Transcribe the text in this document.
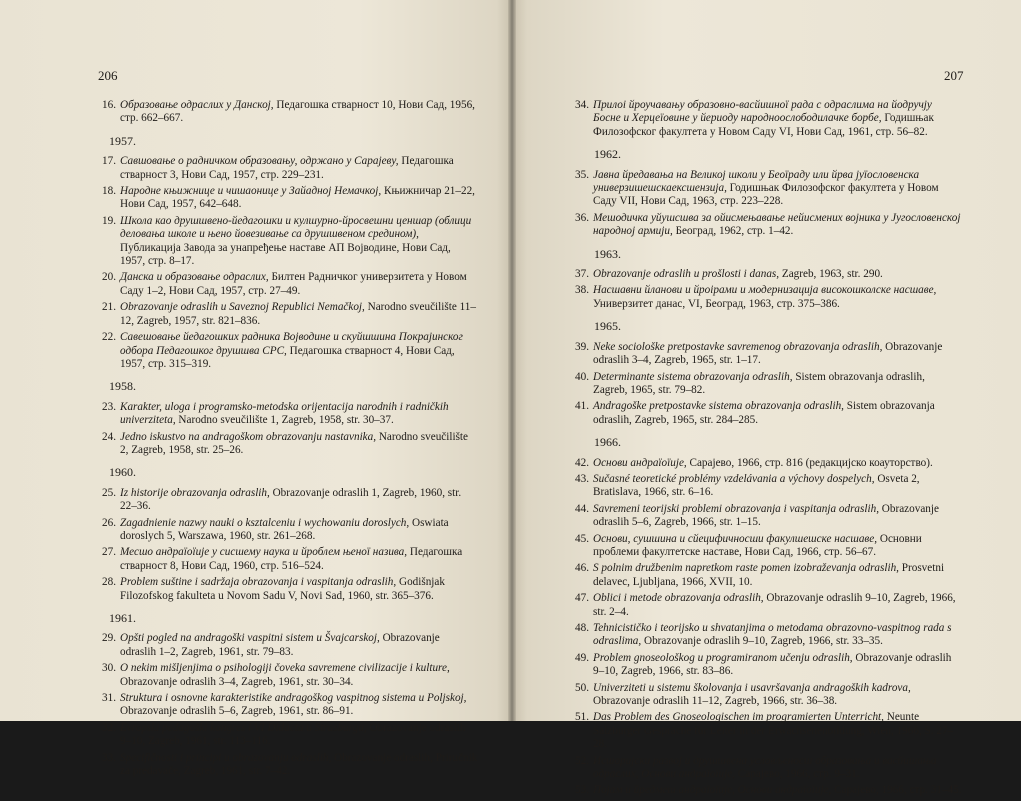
206
16. Образовање одраслих у Данској, Педагошка стварност 10, Нови Сад, 1956, стр. 662–667.
1957.
17. Савшовање о радничком образовању, одржано у Сарајеву, Педагошка стварност 3, Нови Сад, 1957, стр. 229–231.
18. Народне књижнице и чишаонице у Зайадној Немачкој, Књижничар 21–22, Нови Сад, 1957, 642–648.
19. Школа као друшшвено-йедагошки и кулшурно-йросвешни ценшар (облици деловања школе и њено йовезивање са друшшвеном средином), Публикација Завода за унапређење наставе АП Војводине, Нови Сад, 1957, стр. 8–17.
20. Данска и образовање одраслих, Билтен Радничког универзитета у Новом Саду 1–2, Нови Сад, 1957, стр. 27–49.
21. Obrazovanje odraslih u Saveznoj Republici Nemačkoj, Narodno sveučilište 11–12, Zagreb, 1957, str. 821–836.
22. Савешовање йедагошких радника Војводине и скуйшшина Покрајинског одбора Педагошког друшшва СРС, Педагошка стварност 4, Нови Сад, 1957, стр. 315–319.
1958.
23. Karakter, uloga i programsko-metodska orijentacija narodnih i radničkih univerziteta, Narodno sveučilište 1, Zagreb, 1958, str. 30–37.
24. Jedno iskustvo na andragoškom obrazovanju nastavnika, Narodno sveučilište 2, Zagreb, 1958, str. 25–26.
1960.
25. Iz historije obrazovanja odraslih, Obrazovanje odraslih 1, Zagreb, 1960, str. 22–36.
26. Zagadnienie nazwy nauki o ksztalceniu i wychowaniu doroslych, Oswiata doroslych 5, Warszawa, 1960, str. 261–268.
27. Месшо андраїоїије у сисшему наука и йроблем њеної назива, Педагошка стварност 8, Нови Сад, 1960, стр. 516–524.
28. Problem suštine i sadržaja obrazovanja i vaspitanja odraslih, Godišnjak Filozofskog fakulteta u Novom Sadu V, Novi Sad, 1960, str. 365–376.
1961.
29. Opšti pogled na andragoški vaspitni sistem u Švajcarskoj, Obrazovanje odraslih 1–2, Zagreb, 1961, str. 79–83.
30. O nekim mišljenjima o psihologiji čoveka savremene civilizacije i kulture, Obrazovanje odraslih 3–4, Zagreb, 1961, str. 30–34.
31. Struktura i osnovne karakteristike andragoškog vaspitnog sistema u Poljskoj, Obrazovanje odraslih 5–6, Zagreb, 1961, str. 86–91.
32. Evropski pedagoški kongres i VI Didacta u Strasburgu, Obrazovanje odraslih 9–10, Zagreb, 1961, str. 113–116.
33. Specifičnosti i principi u obrazovanju odraslih, Obrazovanje odraslih, Priručnik za predavače, Zagreb, 1961, str. 7–42.
207
34. Прилоі йроучавању образовно-васйишної рада с одраслима на йодручју Босне и Херцеїовине у йериоду народноослободилачке борбе, Годишњак Филозофског факултета у Новом Саду VI, Нови Сад, 1961, стр. 56–82.
1962.
35. Јавна йредавања на Великој школи у Беоїраду или йрва јуїословенска универзишешскаексшензија, Годишњак Филозофског факултета у Новом Саду VII, Нови Сад, 1963, стр. 223–228.
36. Мешодичка уйушсшва за oйисмењавање нейисмених војника у Југословенској народној армији, Београд, 1962, стр. 1–42.
1963.
37. Obrazovanje odraslih u prošlosti i danas, Zagreb, 1963, str. 290.
38. Насшавни йланови и йроірами и модернизација високошколске насшаве, Универзитет данас, VI, Београд, 1963, стр. 375–386.
1965.
39. Neke sociološke pretpostavke savremenog obrazovanja odraslih, Obrazovanje odraslih 3–4, Zagreb, 1965, str. 1–17.
40. Determinante sistema obrazovanja odraslih, Sistem obrazovanja odraslih, Zagreb, 1965, str. 79–82.
41. Andragoške pretpostavke sistema obrazovanja odraslih, Sistem obrazovanja odraslih, Zagreb, 1965, str. 284–285.
1966.
42. Основи андраїоїије, Сарајево, 1966, стр. 816 (редакцијско коауторство).
43. Sučasné teoretické problémy vzdelávania a výchovy dospelych, Osveta 2, Bratislava, 1966, str. 6–16.
44. Savremeni teorijski problemi obrazovanja i vaspitanja odraslih, Obrazovanje odraslih 5–6, Zagreb, 1966, str. 1–15.
45. Основи, сушшина и сйецифичносши факулшешске насшаве, Основни проблеми факултетске наставе, Нови Сад, 1966, стр. 56–67.
46. S polnim družbenim napretkom raste pomen izobraževanja odraslih, Prosvetni delavec, Ljubljana, 1966, XVII, 10.
47. Oblici i metode obrazovanja odraslih, Obrazovanje odraslih 9–10, Zagreb, 1966, str. 2–4.
48. Tehnicističko i teorijsko u shvatanjima o metodama obrazovno-vaspitnog rada s odraslima, Obrazovanje odraslih 9–10, Zagreb, 1966, str. 33–35.
49. Problem gnoseološkog u programiranom učenju odraslih, Obrazovanje odraslih 9–10, Zagreb, 1966, str. 83–86.
50. Univerziteti u sistemu školovanja i usavršavanja andragoških kadrova, Obrazovanje odraslih 11–12, Zagreb, 1966, str. 36–38.
51. Das Problem des Gnoseologischen im programierten Unterricht, Neunte Salzburger Gespräche für Leiter in der Erwachsenenbildung, Wien, 1966, S. 27–28.
52. Исшоријски развој и друшшвена условљеносш образовања и васйишања одраслих, Основи андраїоїије, Сарајево, 1966, стр. 9–31.
53. Појам и йредмеш андраїоїије, Основи андраїоїије, Сарајево, 1966, стр. 31–45.
